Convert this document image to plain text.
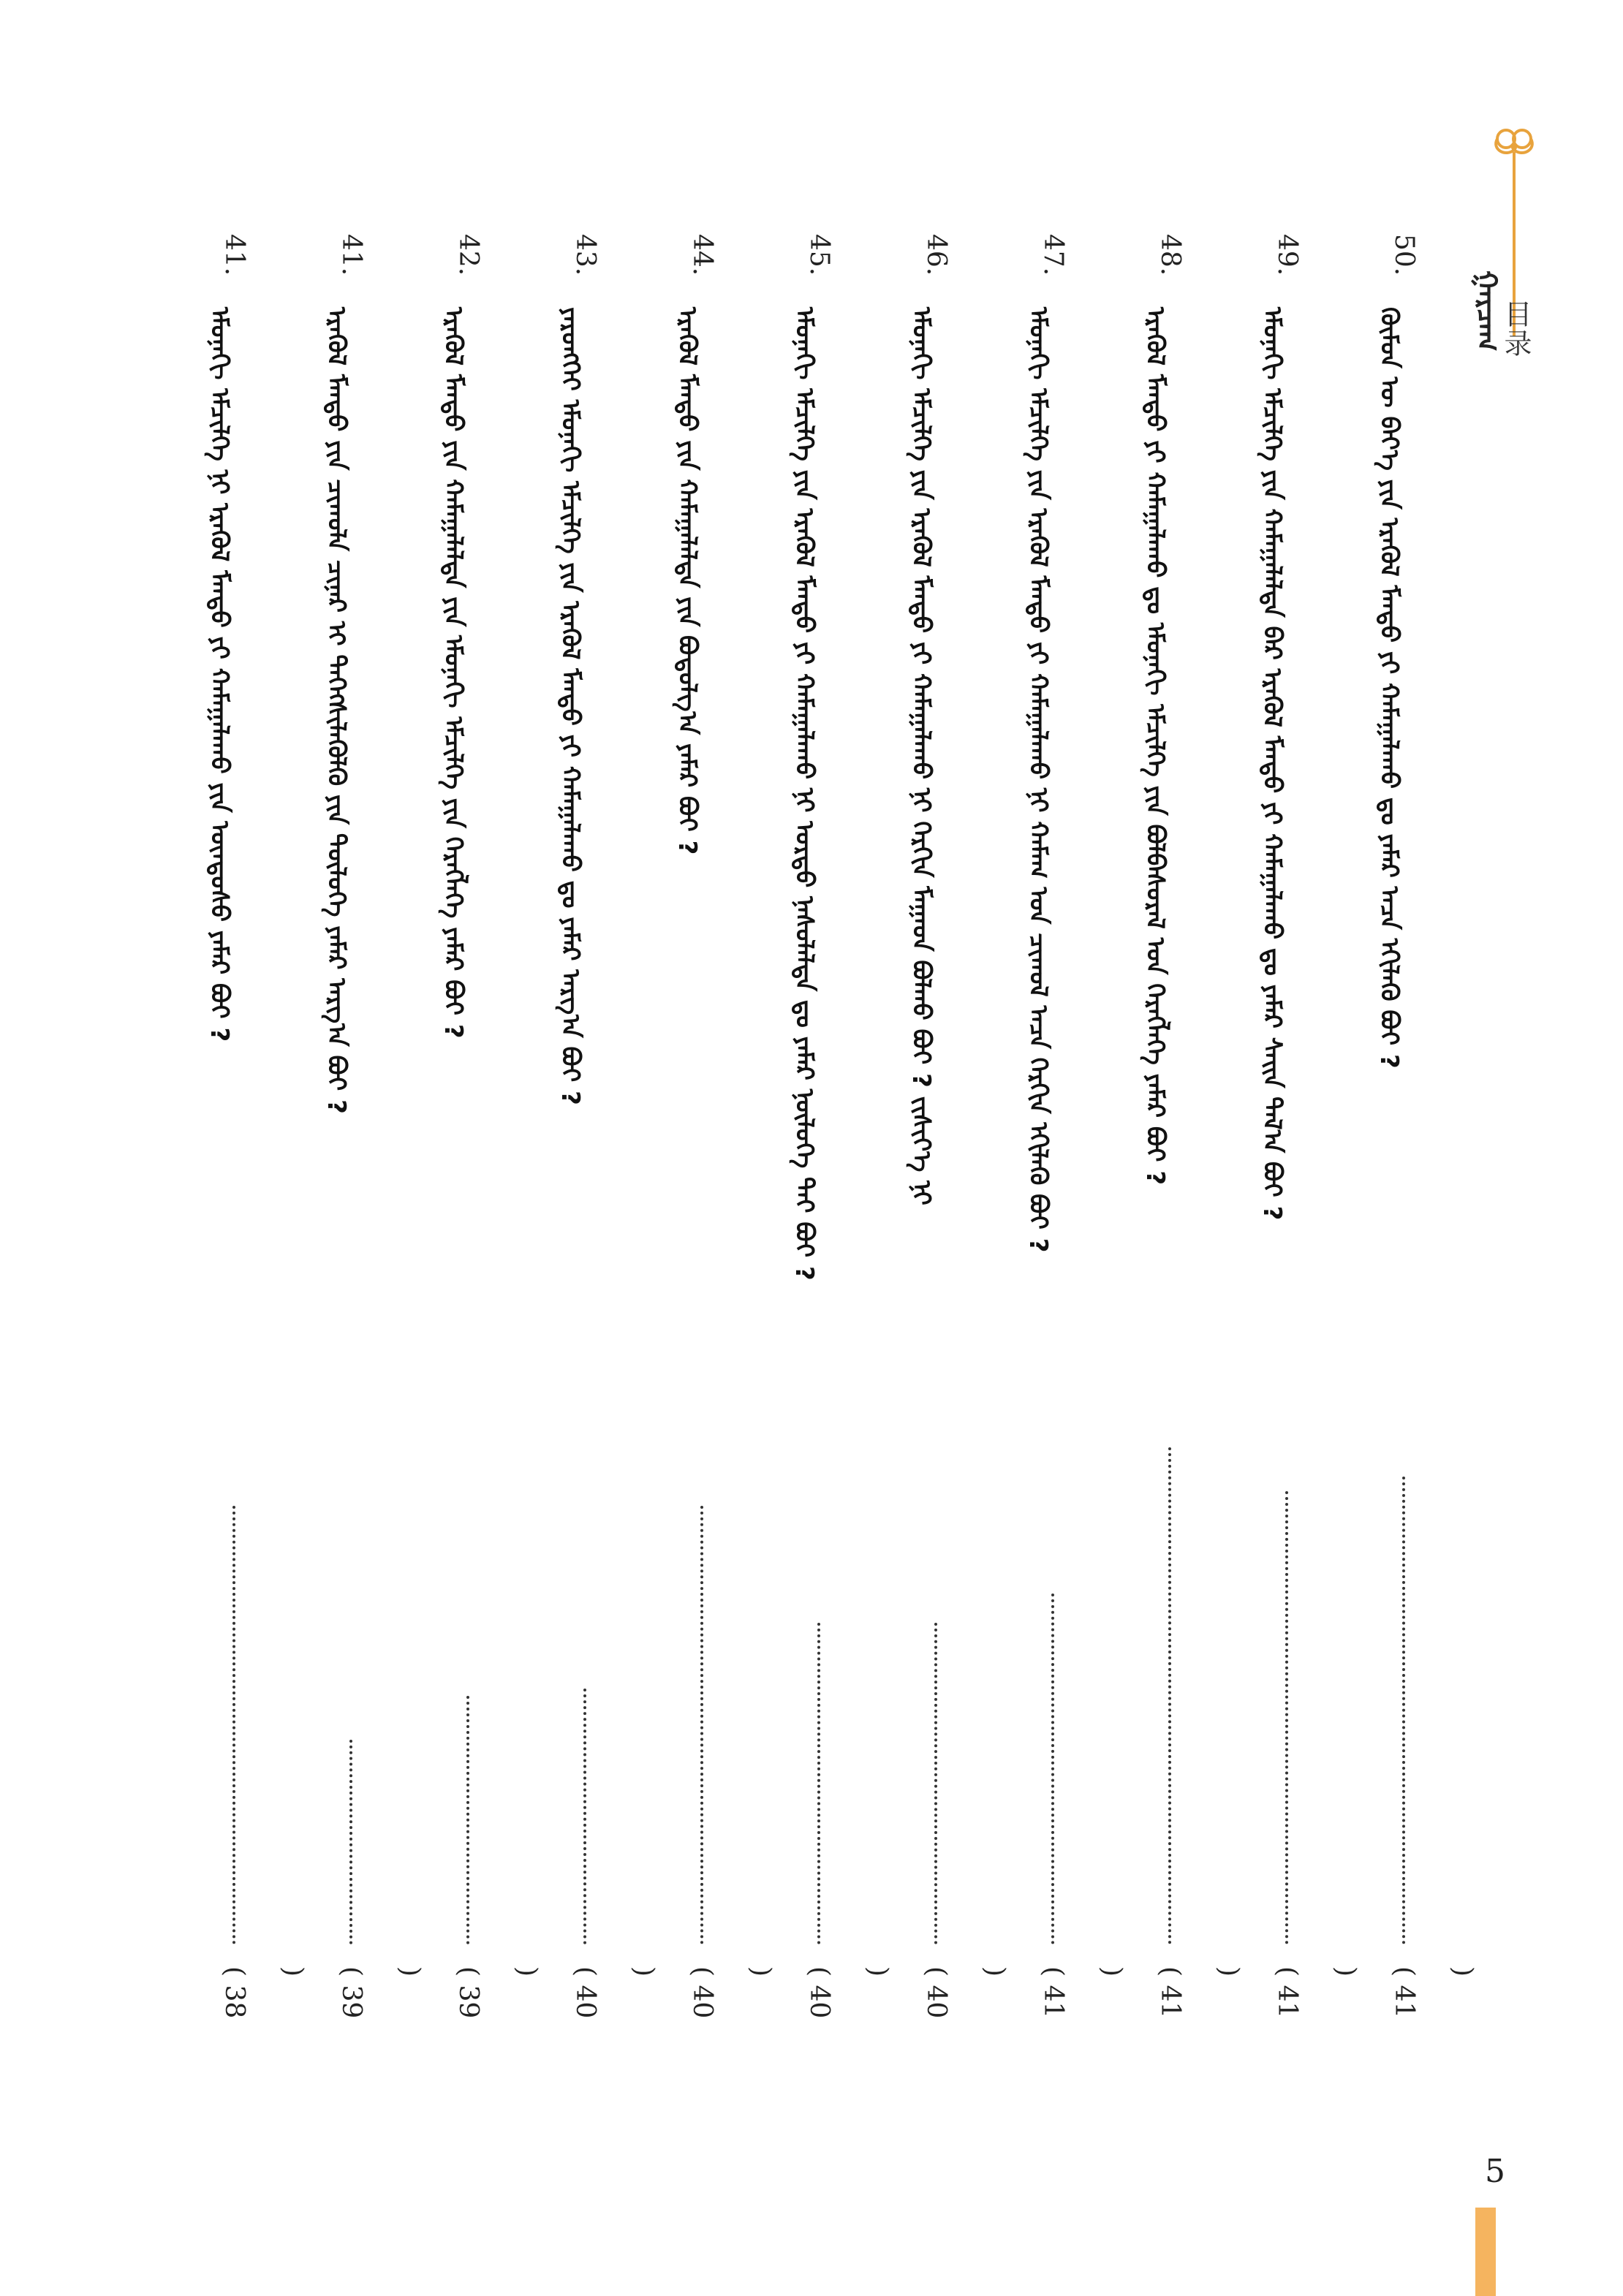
ᠭᠠᠷᠴᠠᠭ
目录
50.
ᠬᠦᠮᠦᠨ ᠦ ᠪᠡᠶ᠎ᠡ ᠶᠢᠨ ᠡᠷᠡᠭᠦᠯ ᠮᠡᠨᠳᠦ ᠶᠢ ᠬᠠᠮᠠᠭᠠᠯᠠᠬᠤ ᠳᠤ ᠶᠠᠮᠠᠷ ᠠᠴᠠ ᠡᠬᠢᠯᠡᠬᠦ ᠪᠤᠢ ?
( 41 )
49.
ᠡᠮᠦᠨᠡᠬᠢ ᠡᠮᠴᠢᠯᠭᠡ ᠶᠢᠨ ᠬᠠᠮᠠᠭᠠᠯᠠᠯᠲᠠ ᠪᠡᠷ ᠡᠷᠡᠭᠦᠯ ᠮᠡᠨᠳᠦ ᠶᠢ ᠬᠠᠮᠠᠭᠠᠯᠠᠬᠤ ᠳᠤ ᠶᠠᠮᠠᠷ ᠰᠠᠢᠨ ᠲᠠᠯ᠎ᠠ ᠪᠤᠢ ?
( 41 )
48.
ᠡᠷᠡᠭᠦᠯ ᠮᠡᠨᠳᠦ ᠶᠢ ᠬᠠᠮᠠᠭᠠᠯᠠᠬᠤ ᠳᠤ ᠡᠮᠦᠨᠡᠬᠢ ᠡᠮᠴᠢᠯᠭᠡ ᠶᠢᠨ ᠪᠣᠯᠪᠠᠰᠤᠷᠠᠯ ᠤᠨ ᠬᠡᠷᠡᠭᠯᠡᠭᠡ ᠶᠠᠮᠠᠷ ᠪᠤᠢ ?
( 41 )
47.
ᠡᠮᠦᠨᠡᠬᠢ ᠡᠮᠴᠢᠯᠭᠡ ᠶᠢᠨ ᠡᠷᠡᠭᠦᠯ ᠮᠡᠨᠳᠦ ᠶᠢ ᠬᠠᠮᠠᠭᠠᠯᠠᠬᠤ ᠨᠢ ᠬᠠᠮᠠᠭ ᠤᠨ ᠴᠢᠬᠤᠯ ᠠᠴᠠ ᠬᠡᠷᠬᠢᠨ ᠡᠬᠢᠯᠡᠬᠦ ᠪᠤᠢ ?
( 41 )
46.
ᠡᠮᠦᠨᠡᠬᠢ ᠡᠮᠴᠢᠯᠭᠡ ᠶᠢᠨ ᠡᠷᠡᠭᠦᠯ ᠮᠡᠨᠳᠦ ᠶᠢ ᠬᠠᠮᠠᠭᠠᠯᠠᠬᠤ ᠨᠢ ᠬᠡᠷᠬᠢᠨ ᠮᠠᠭᠠᠳ ᠪᠤᠯᠬᠤ ᠪᠤᠢ ? ᠵᠢᠱᠢᠶ᠎ᠡ ᠨᠢ
( 40 )
45.
ᠡᠮᠦᠨᠡᠬᠢ ᠡᠮᠴᠢᠯᠭᠡ ᠶᠢᠨ ᠡᠷᠡᠭᠦᠯ ᠮᠡᠨᠳᠦ ᠶᠢ ᠬᠠᠮᠠᠭᠠᠯᠠᠬᠤ ᠨᠢ ᠤᠷᠳᠤ ᠨᠠᠰᠤᠯᠠᠯᠲᠠ ᠳᠤ ᠶᠠᠮᠠᠷ ᠨᠥᠯᠦᠭᠡ ᠲᠠᠢ ᠪᠤᠢ ?
( 40 )
44.
ᠡᠷᠡᠭᠦᠯ ᠮᠡᠨᠳᠦ ᠶᠢᠨ ᠬᠠᠮᠠᠭᠠᠯᠠᠯᠲᠠ ᠶᠢᠨ ᠪᠣᠳᠣᠯᠭ᠎ᠠ ᠶᠠᠮᠠᠷ ᠪᠤᠢ ?
( 40 )
43.
ᠶᠡᠷᠦᠩᠬᠡᠢ ᠡᠮᠦᠨᠡᠬᠢ ᠡᠮᠴᠢᠯᠭᠡ ᠶᠢᠨ ᠡᠷᠡᠭᠦᠯ ᠮᠡᠨᠳᠦ ᠶᠢ ᠬᠠᠮᠠᠭᠠᠯᠠᠬᠤ ᠳᠤ ᠶᠠᠮᠠᠷ ᠠᠷᠭ᠎ᠠ ᠪᠤᠢ ?
( 40 )
42.
ᠡᠷᠡᠭᠦᠯ ᠮᠡᠨᠳᠦ ᠶᠢᠨ ᠬᠠᠮᠠᠭᠠᠯᠠᠯᠲᠠ ᠶᠢᠨ ᠡᠮᠦᠨᠡᠬᠢ ᠡᠮᠴᠢᠯᠭᠡ ᠶᠢᠨ ᠬᠡᠷᠡᠭᠯᠡᠭᠡ ᠶᠠᠮᠠᠷ ᠪᠤᠢ ?
( 39 )
41.
ᠡᠷᠡᠭᠦᠯ ᠮᠡᠨᠳᠦ ᠶᠢᠨ ᠴᠢᠬᠤᠯᠠ ᠴᠢᠨᠠᠷ ᠢ ᠳᠡᠭᠡᠭᠰᠢᠯᠡᠭᠦᠯᠬᠦ ᠶᠢᠨ ᠲᠥᠯᠦᠭᠡ ᠶᠠᠮᠠᠷ ᠠᠷᠭ᠎ᠠ ᠪᠤᠢ ?
( 39 )
41.
ᠡᠮᠦᠨᠡᠬᠢ ᠡᠮᠴᠢᠯᠭᠡ ᠨᠢ ᠡᠷᠡᠭᠦᠯ ᠮᠡᠨᠳᠦ ᠶᠢ ᠬᠠᠮᠠᠭᠠᠯᠠᠬᠤ ᠶᠢᠨ ᠦᠨᠳᠦᠰᠦ ᠶᠠᠮᠠᠷ ᠪᠤᠢ ?
( 38 )
5
